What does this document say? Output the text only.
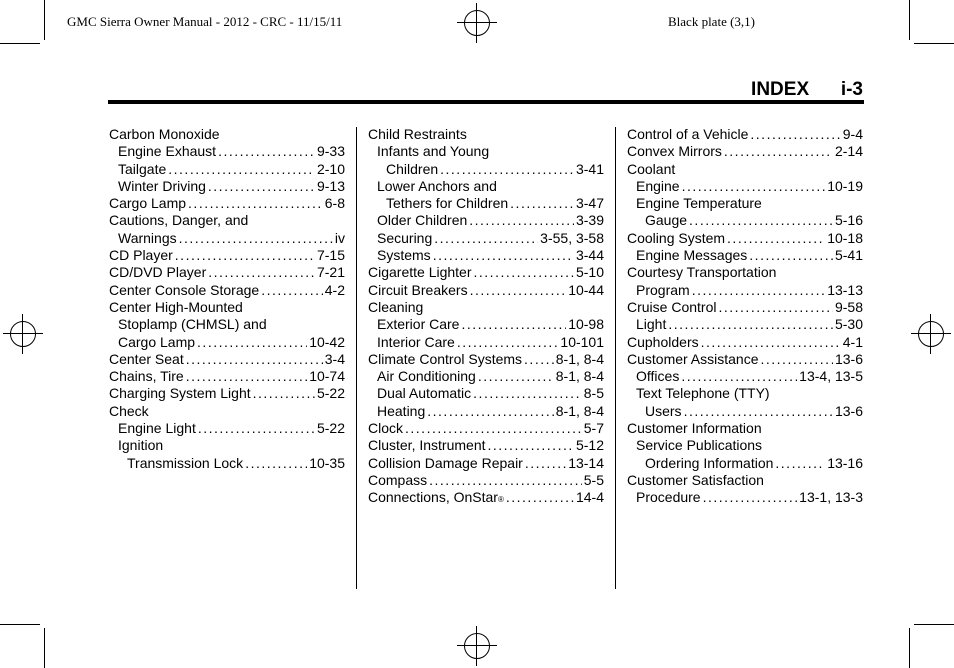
GMC Sierra Owner Manual - 2012 - CRC - 11/15/11	Black plate (3,1)
INDEX i-3
Carbon Monoxide
Engine Exhaust .....	9-33
Tailgate .....	2-10
Winter Driving .....	9-13
Cargo Lamp .....	6-8
Cautions, Danger, and
Warnings .....	iv
CD Player .....	7-15
CD/DVD Player .....	7-21
Center Console Storage .....	4-2
Center High-Mounted
Stoplamp (CHMSL) and
Cargo Lamp .....	10-42
Center Seat .....	3-4
Chains, Tire .....	10-74
Charging System Light .....	5-22
Check
Engine Light .....	5-22
Ignition
Transmission Lock .....	10-35
Child Restraints
Infants and Young
Children .....	3-41
Lower Anchors and
Tethers for Children .....	3-47
Older Children .....	3-39
Securing .....	3-55, 3-58
Systems .....	3-44
Cigarette Lighter .....	5-10
Circuit Breakers .....	10-44
Cleaning
Exterior Care .....	10-98
Interior Care .....	10-101
Climate Control Systems ..... 8-1, 8-4
Air Conditioning .....	8-1, 8-4
Dual Automatic .....	8-5
Heating .....	8-1, 8-4
Clock .....	5-7
Cluster, Instrument .....	5-12
Collision Damage Repair .....	13-14
Compass .....	5-5
Connections, OnStar ® .....	14-4
Control of a Vehicle .....	9-4
Convex Mirrors .....	2-14
Coolant
Engine .....	10-19
Engine Temperature
Gauge .....	5-16
Cooling System .....	10-18
Engine Messages .....	5-41
Courtesy Transportation
Program .....	13-13
Cruise Control .....	9-58
Light .....	5-30
Cupholders .....	4-1
Customer Assistance .....	13-6
Offices .....	13-4, 13-5
Text Telephone (TTY)
Users .....	13-6
Customer Information
Service Publications
Ordering Information .....	13-16
Customer Satisfaction
Procedure .....	13-1, 13-3
